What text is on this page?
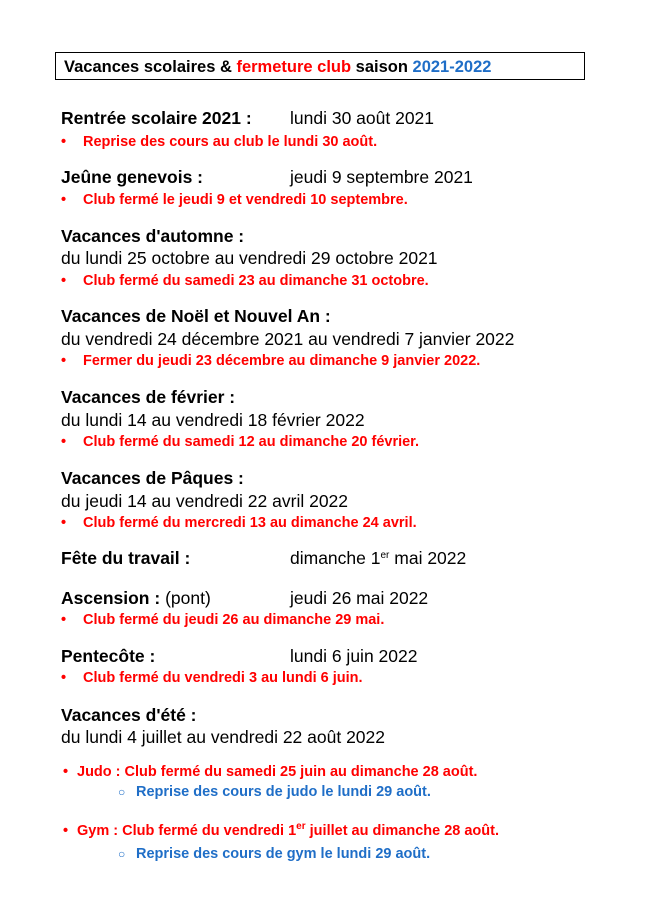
Vacances scolaires & fermeture club saison 2021-2022
Rentrée scolaire 2021 : lundi 30 août 2021
• Reprise des cours au club le lundi 30 août.
Jeûne genevois :	jeudi 9 septembre 2021
• Club fermé le jeudi 9 et vendredi 10 septembre.
Vacances d'automne :
du lundi 25 octobre au vendredi 29 octobre 2021
• Club fermé du samedi 23 au dimanche 31 octobre.
Vacances de Noël et Nouvel An :
du vendredi 24 décembre 2021 au vendredi 7 janvier 2022
• Fermer du jeudi 23 décembre au dimanche 9 janvier 2022.
Vacances de février :
du lundi 14 au vendredi 18 février 2022
• Club fermé du samedi 12 au dimanche 20 février.
Vacances de Pâques :
du jeudi 14 au vendredi 22 avril 2022
• Club fermé du mercredi 13 au dimanche 24 avril.
Fête du travail :	dimanche 1er mai 2022
Ascension : (pont)	jeudi 26 mai 2022
• Club fermé du jeudi 26 au dimanche 29 mai.
Pentecôte :	lundi 6 juin 2022
• Club fermé du vendredi 3 au lundi 6 juin.
Vacances d'été :
du lundi 4 juillet au vendredi 22 août 2022
• Judo : Club fermé du samedi 25 juin au dimanche 28 août.
○ Reprise des cours de judo le lundi 29 août.
• Gym : Club fermé du vendredi 1er juillet au dimanche 28 août.
○ Reprise des cours de gym le lundi 29 août.
